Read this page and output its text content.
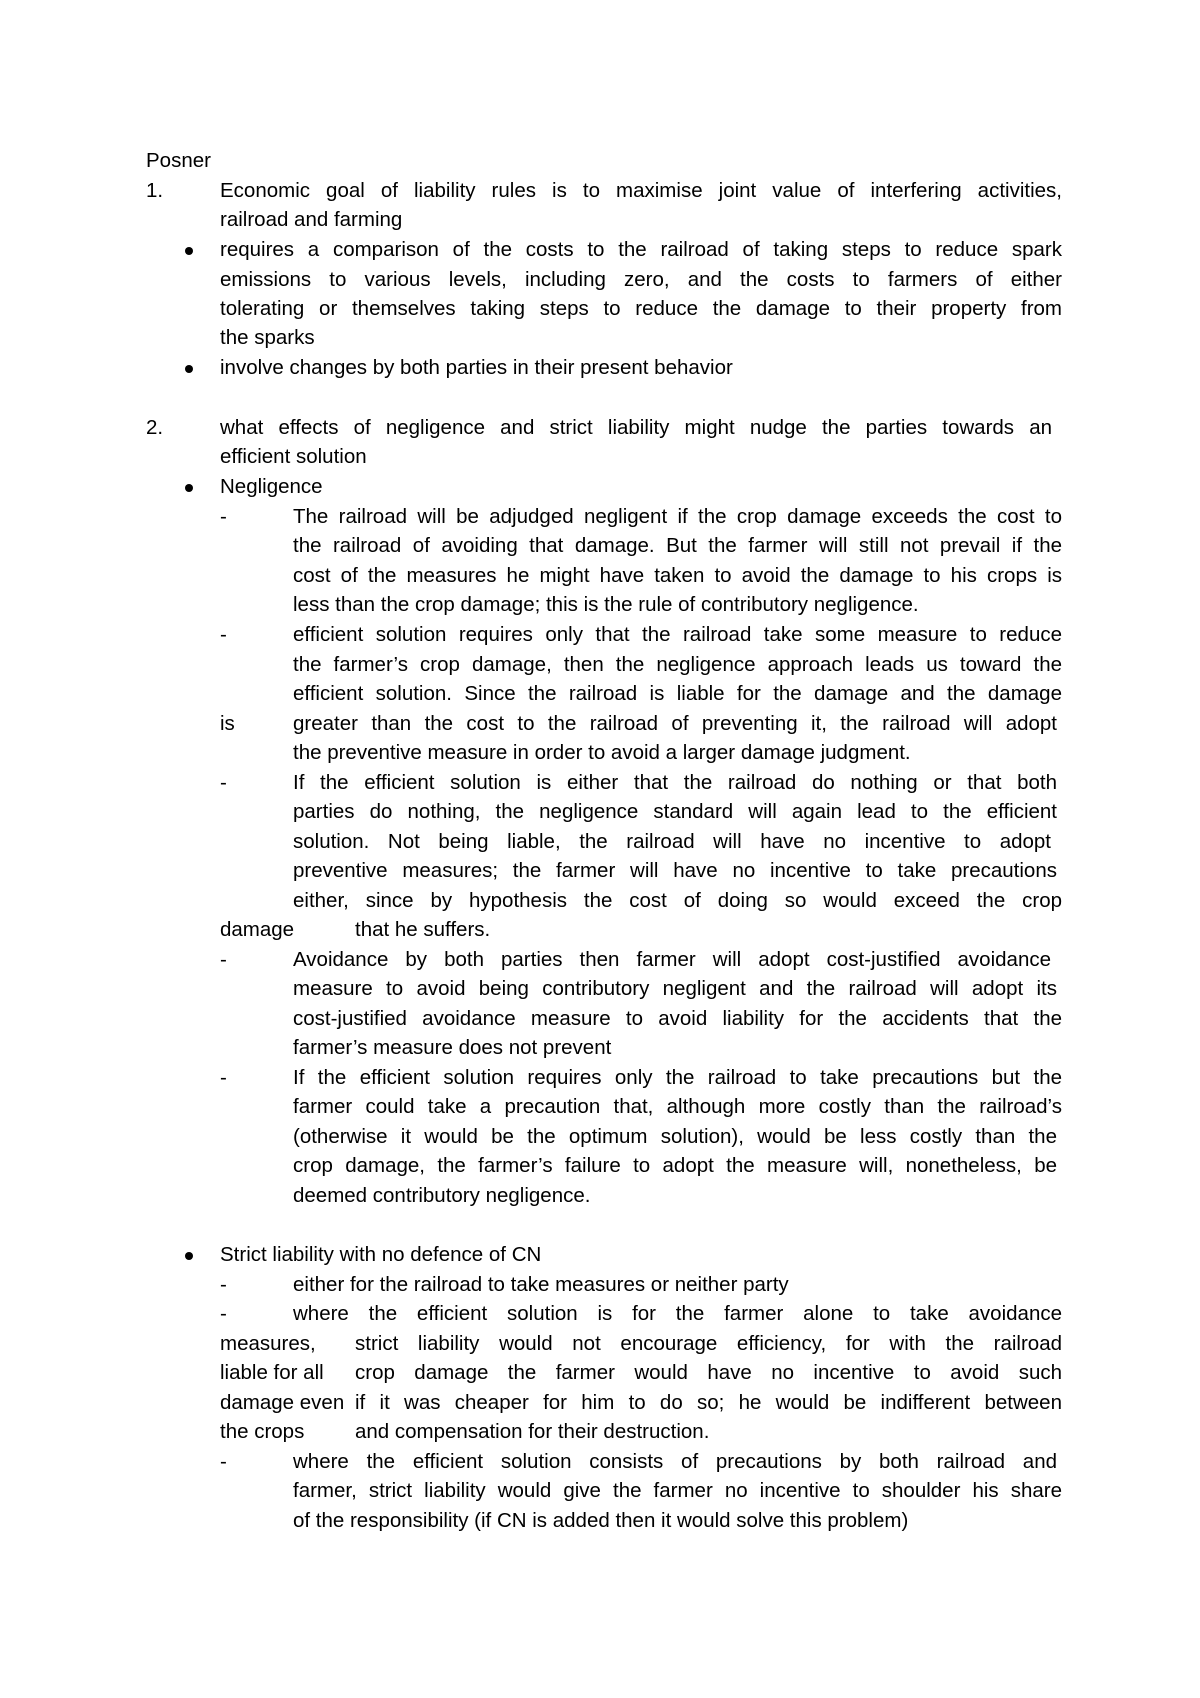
Posner
1.	Economic goal of liability rules is to maximise joint value of interfering activities,
railroad and farming
requires a comparison of the costs to the railroad of taking steps to reduce spark
emissions to various levels, including zero, and the costs to farmers of either
tolerating or themselves taking steps to reduce the damage to their property from
the sparks
involve changes by both parties in their present behavior
2.	what effects of negligence and strict liability might nudge the parties towards an
efficient solution
Negligence
-	The railroad will be adjudged negligent if the crop damage exceeds the cost to
the railroad of avoiding that damage. But the farmer will still not prevail if the
cost of the measures he might have taken to avoid the damage to his crops is
less than the crop damage; this is the rule of contributory negligence.
-	efficient solution requires only that the railroad take some measure to reduce
the farmer’s crop damage, then the negligence approach leads us toward the
efficient solution. Since the railroad is liable for the damage and the damage
is	greater than the cost to the railroad of preventing it, the railroad will adopt
the preventive measure in order to avoid a larger damage judgment.
-	If the efficient solution is either that the railroad do nothing or that both
parties do nothing, the negligence standard will again lead to the efficient
solution. Not being liable, the railroad will have no incentive to adopt
preventive measures; the farmer will have no incentive to take precautions
either, since by hypothesis the cost of doing so would exceed the crop
damage	that he suffers.
-	Avoidance by both parties then farmer will adopt cost-justified avoidance
measure to avoid being contributory negligent and the railroad will adopt its
cost-justified avoidance measure to avoid liability for the accidents that the
farmer’s measure does not prevent
-	If the efficient solution requires only the railroad to take precautions but the
farmer could take a precaution that, although more costly than the railroad’s
(otherwise it would be the optimum solution), would be less costly than the
crop damage, the farmer’s failure to adopt the measure will, nonetheless, be
deemed contributory negligence.
Strict liability with no defence of CN
-	either for the railroad to take measures or neither party
-	where the efficient solution is for the farmer alone to take avoidance
measures, strict liability would not encourage efficiency, for with the railroad
liable for all crop damage the farmer would have no incentive to avoid such
damage even if it was cheaper for him to do so; he would be indifferent between
the crops and compensation for their destruction.
-	where the efficient solution consists of precautions by both railroad and
farmer, strict liability would give the farmer no incentive to shoulder his share
of the responsibility (if CN is added then it would solve this problem)
